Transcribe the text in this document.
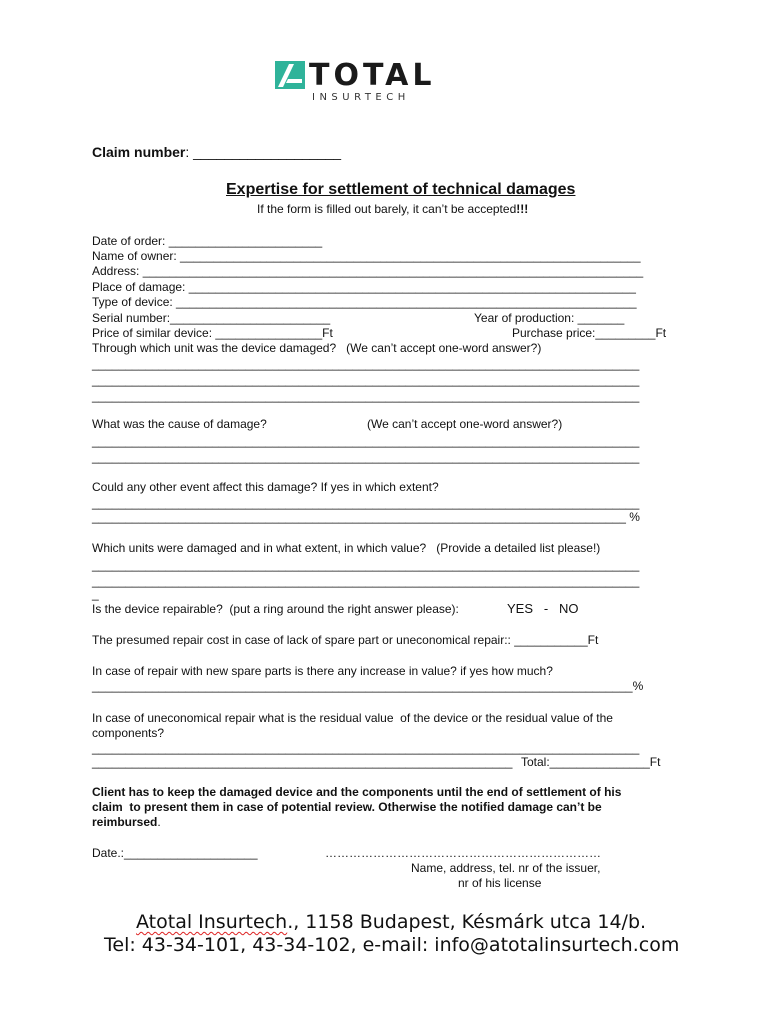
TOTAL
INSURTECH
Claim number: ___________________
Expertise for settlement of technical damages
If the form is filled out barely, it can’t be accepted!!!
Date of order: _______________________
Name of owner: _____________________________________________________________________
Address: ___________________________________________________________________________
Place of damage: ___________________________________________________________________
Type of device: _____________________________________________________________________
Serial number:________________________	Year of production: _______
Price of similar device: ________________Ft	Purchase price:_________Ft
Through which unit was the device damaged?   (We can’t accept one-word answer?)
__________________________________________________________________________________
__________________________________________________________________________________
__________________________________________________________________________________
What was the cause of damage?	(We can’t accept one-word answer?)
__________________________________________________________________________________
__________________________________________________________________________________
Could any other event affect this damage? If yes in which extent?
__________________________________________________________________________________
________________________________________________________________________________ %
Which units were damaged and in what extent, in which value?   (Provide a detailed list please!)
__________________________________________________________________________________
__________________________________________________________________________________
_
Is the device repairable?  (put a ring around the right answer please):	YES   -   NO
The presumed repair cost in case of lack of spare part or uneconomical repair:: ___________Ft
In case of repair with new spare parts is there any increase in value? if yes how much?
_________________________________________________________________________________%
In case of uneconomical repair what is the residual value  of the device or the residual value of the
components?
__________________________________________________________________________________
_______________________________________________________________ Total:_______________Ft
Client has to keep the damaged device and the components until the end of settlement of his
claim  to present them in case of potential review. Otherwise the notified damage can’t be
reimbursed.
Date.:____________________	……………………………………………………………
Name, address, tel. nr of the issuer,
nr of his license
Atotal Insurtech., 1158 Budapest, Késmárk utca 14/b.
Tel: 43-34-101, 43-34-102, e-mail: info@atotalinsurtech.com
